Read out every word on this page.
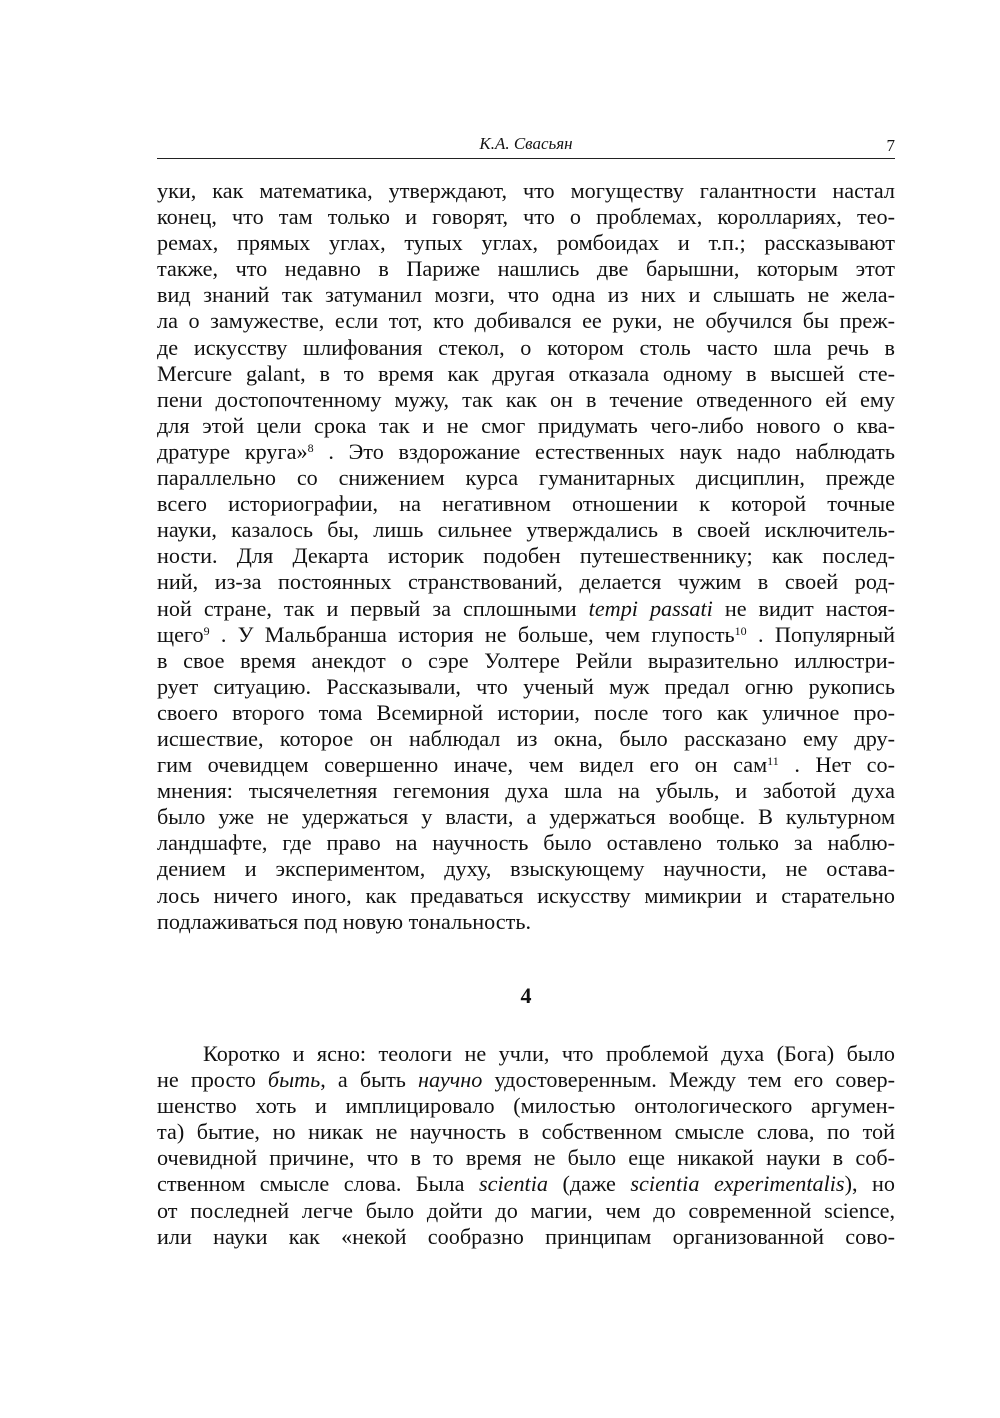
К.А. Свасьян	7
уки, как математика, утверждают, что могуществу галантности настал
конец, что там только и говорят, что о проблемах, короллариях, тео-
ремах, прямых углах, тупых углах, ромбоидах и т.п.; рассказывают
также, что недавно в Париже нашлись две барышни, которым этот
вид знаний так затуманил мозги, что одна из них и слышать не жела-
ла о замужестве, если тот, кто добивался ее руки, не обучился бы преж-
де искусству шлифования стекол, о котором столь часто шла речь в
Mercure galant, в то время как другая отказала одному в высшей сте-
пени достопочтенному мужу, так как он в течение отведенного ей ему
для этой цели срока так и не смог придумать чего-либо нового о ква-
дратуре круга»$^8$ . Это вздорожание естественных наук надо наблюдать
параллельно со снижением курса гуманитарных дисциплин, прежде
всего историографии, на негативном отношении к которой точные
науки, казалось бы, лишь сильнее утверждались в своей исключитель-
ности. Для Декарта историк подобен путешественнику; как послед-
ний, из-за постоянных странствований, делается чужим в своей род-
ной стране, так и первый за сплошными tempi passati не видит настоя-
щего$^9$ . У Мальбранша история не больше, чем глупость$^{10}$ . Популярный
в свое время анекдот о сэре Уолтере Рейли выразительно иллюстри-
рует ситуацию. Рассказывали, что ученый муж предал огню рукопись
своего второго тома Всемирной истории, после того как уличное про-
исшествие, которое он наблюдал из окна, было рассказано ему дру-
гим очевидцем совершенно иначе, чем видел его он сам$^{11}$ . Нет со-
мнения: тысячелетняя гегемония духа шла на убыль, и заботой духа
было уже не удержаться у власти, а удержаться вообще. В культурном
ландшафте, где право на научность было оставлено только за наблю-
дением и экспериментом, духу, взыскующему научности, не остава-
лось ничего иного, как предаваться искусству мимикрии и старательно
подлаживаться под новую тональность.
4
Коротко и ясно: теологи не учли, что проблемой духа (Бога) было
не просто быть, а быть научно удостоверенным. Между тем его совер-
шенство хоть и имплицировало (милостью онтологического аргумен-
та) бытие, но никак не научность в собственном смысле слова, по той
очевидной причине, что в то время не было еще никакой науки в соб-
ственном смысле слова. Была scientia (даже scientia experimentalis), но
от последней легче было дойти до магии, чем до современной science,
или науки как «некой сообразно принципам организованной сово-
